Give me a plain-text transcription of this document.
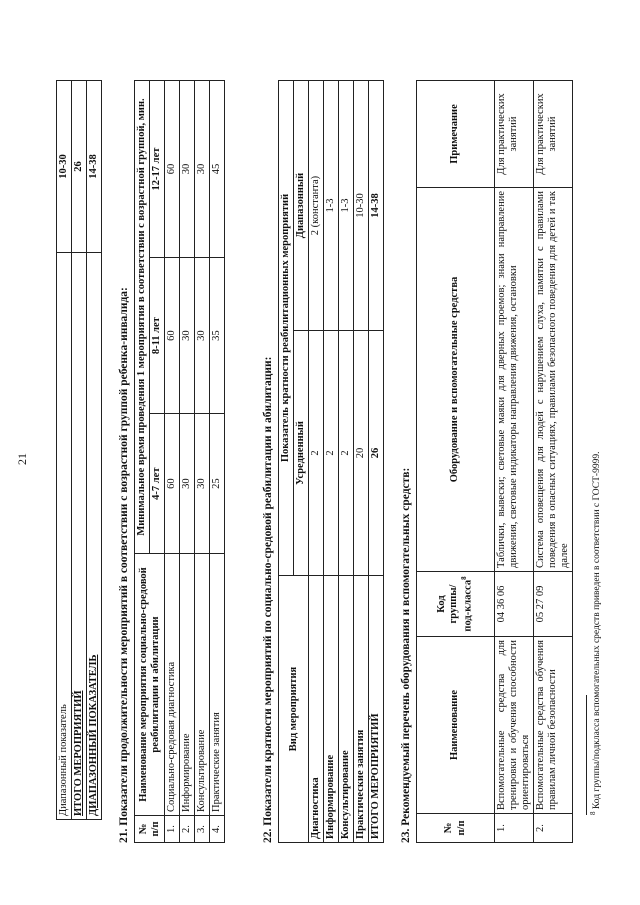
21
Диапазонный показатель	10-30
ИТОГО МЕРОПРИЯТИЙ	26
ДИАПАЗОННЫЙ ПОКАЗАТЕЛЬ	14-38
21. Показатели продолжительности мероприятий в соответствии с возрастной группой ребенка-инвалида: № п/п	Наименование мероприятия социально-средовой реабилитации и абилитации	Минимальное время проведения 1 мероприятия в соответствии с возрастной группой, мин.		
		4-7 лет	8-11 лет	12-17 лет
1.	Социально-средовая диагностика	60	60	60
2.	Информирование	30	30	30
3.	Консультирование	30	30	30
4.	Практические занятия	25	35	45
22. Показатели кратности мероприятий по социально-средовой реабилитации и абилитации: Вид мероприятия	Показатель кратности реабилитационных мероприятий	
	Усредненный	Диапазонный
Диагностика	2	2 (константа)
Информирование	2	1-3
Консультирование	2	1-3
Практические занятия	20	10-30
ИТОГО МЕРОПРИЯТИЙ	26	14-38
23. Рекомендуемый перечень оборудования и вспомогательных средств:	№ п/п	Наименование	Код группы/под-класса$^8$	Оборудование и вспомогательные средства	Примечание
1.	Вспомогательные средства для тренировки и обучения способности ориентироваться	04 36 06	Таблички, вывески; световые маяки для дверных проемов; знаки направление движения, световые индикаторы направления движения, остановки	Для практических занятий
2.	Вспомогательные средства обучения правилам личной безопасности	05 27 09	Система оповещения для людей с нарушением слуха, памятки с правилами поведения в опасных ситуациях, правилами безопасного поведения для детей и так далее	Для практических занятий
$^8$ Код группы/подкласса вспомогательных средств приведен в соответствии с ГОСТ-9999.
